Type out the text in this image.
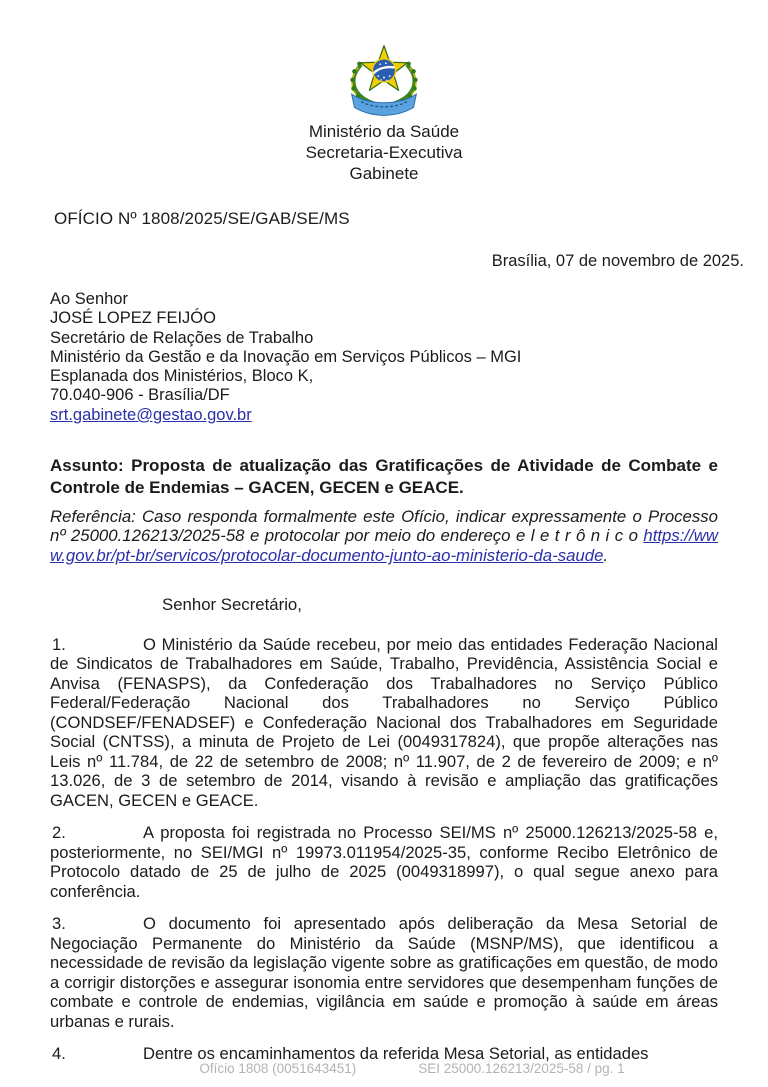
Ministério da Saúde
Secretaria-Executiva
Gabinete
OFÍCIO Nº 1808/2025/SE/GAB/SE/MS
Brasília, 07 de novembro de 2025.
Ao Senhor
JOSÉ LOPEZ FEIJÓO
Secretário de Relações de Trabalho
Ministério da Gestão e da Inovação em Serviços Públicos – MGI
Esplanada dos Ministérios, Bloco K,
70.040-906 - Brasília/DF
srt.gabinete@gestao.gov.br
Assunto: Proposta de atualização das Gratificações de Atividade de Combate e Controle de Endemias – GACEN, GECEN e GEACE.
Referência: Caso responda formalmente este Ofício, indicar expressamente o Processo nº 25000.126213/2025-58 e protocolar por meio do endereço e l e t r ô n i c o https://www.gov.br/pt-br/servicos/protocolar-documento-junto-ao-ministerio-da-saude.
Senhor Secretário,
1.	O Ministério da Saúde recebeu, por meio das entidades Federação Nacional de Sindicatos de Trabalhadores em Saúde, Trabalho, Previdência, Assistência Social e Anvisa (FENASPS), da Confederação dos Trabalhadores no Serviço Público Federal/Federação Nacional dos Trabalhadores no Serviço Público (CONDSEF/FENADSEF) e Confederação Nacional dos Trabalhadores em Seguridade Social (CNTSS), a minuta de Projeto de Lei (0049317824), que propõe alterações nas Leis nº 11.784, de 22 de setembro de 2008; nº 11.907, de 2 de fevereiro de 2009; e nº 13.026, de 3 de setembro de 2014, visando à revisão e ampliação das gratificações GACEN, GECEN e GEACE.
2.	A proposta foi registrada no Processo SEI/MS nº 25000.126213/2025-58 e, posteriormente, no SEI/MGI nº 19973.011954/2025-35, conforme Recibo Eletrônico de Protocolo datado de 25 de julho de 2025 (0049318997), o qual segue anexo para conferência.
3.	O documento foi apresentado após deliberação da Mesa Setorial de Negociação Permanente do Ministério da Saúde (MSNP/MS), que identificou a necessidade de revisão da legislação vigente sobre as gratificações em questão, de modo a corrigir distorções e assegurar isonomia entre servidores que desempenham funções de combate e controle de endemias, vigilância em saúde e promoção à saúde em áreas urbanas e rurais.
4.	Dentre os encaminhamentos da referida Mesa Setorial, as entidades
Ofício 1808 (0051643451)	SEI 25000.126213/2025-58 / pg. 1
